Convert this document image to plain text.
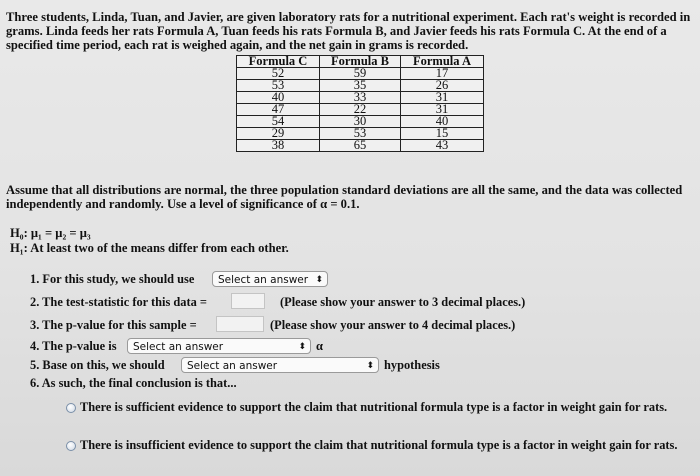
Three students, Linda, Tuan, and Javier, are given laboratory rats for a nutritional experiment. Each rat's weight is recorded in grams. Linda feeds her rats Formula A, Tuan feeds his rats Formula B, and Javier feeds his rats Formula C. At the end of a specified time period, each rat is weighed again, and the net gain in grams is recorded.
Formula C	Formula B	Formula A
52	59	17
53	35	26
40	33	31
47	22	31
54	30	40
29	53	15
38	65	43
Assume that all distributions are normal, the three population standard deviations are all the same, and the data was collected independently and randomly. Use a level of significance of α = 0.1.
H₀: μ₁ = μ₂ = μ₃
H₁: At least two of the means differ from each other.
1. For this study, we should use	Select an answer ⬍
2. The test-statistic for this data =	(Please show your answer to 3 decimal places.)
3. The p-value for this sample =	(Please show your answer to 4 decimal places.)
4. The p-value is	Select an answer	⬍ α
5. Base on this, we should	Select an answer	⬍ hypothesis
6. As such, the final conclusion is that...
There is sufficient evidence to support the claim that nutritional formula type is a factor in weight gain for rats.
There is insufficient evidence to support the claim that nutritional formula type is a factor in weight gain for rats.
